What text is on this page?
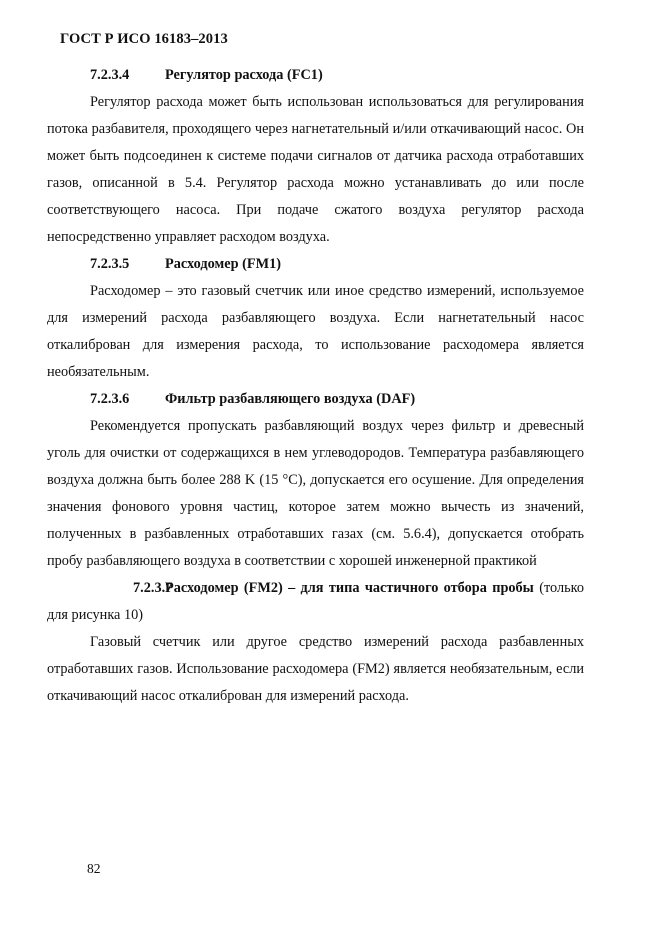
ГОСТ Р ИСО 16183–2013
7.2.3.4 Регулятор расхода (FC1)

Регулятор расхода может быть использован использоваться для регулирования потока разбавителя, проходящего через нагнетательный и/или откачивающий насос. Он может быть подсоединен к системе подачи сигналов от датчика расхода отработавших газов, описанной в 5.4. Регулятор расхода можно устанавливать до или после соответствующего насоса. При подаче сжатого воздуха регулятор расхода непосредственно управляет расходом воздуха.

7.2.3.5 Расходомер (FM1)

Расходомер – это газовый счетчик или иное средство измерений, используемое для измерений расхода разбавляющего воздуха. Если нагнетательный насос откалиброван для измерения расхода, то использование расходомера является необязательным.

7.2.3.6 Фильтр разбавляющего воздуха (DAF)

Рекомендуется пропускать разбавляющий воздух через фильтр и древесный уголь для очистки от содержащихся в нем углеводородов. Температура разбавляющего воздуха должна быть более 288 K (15 °C), допускается его осушение. Для определения значения фонового уровня частиц, которое затем можно вычесть из значений, полученных в разбавленных отработавших газах (см. 5.6.4), допускается отобрать пробу разбавляющего воздуха в соответствии с хорошей инженерной практикой

7.2.3.7Расходомер (FM2) – для типа частичного отбора пробы (только для рисунка 10)

Газовый счетчик или другое средство измерений расхода разбавленных отработавших газов. Использование расходомера (FM2) является необязательным, если откачивающий насос откалиброван для измерений расхода.

82
